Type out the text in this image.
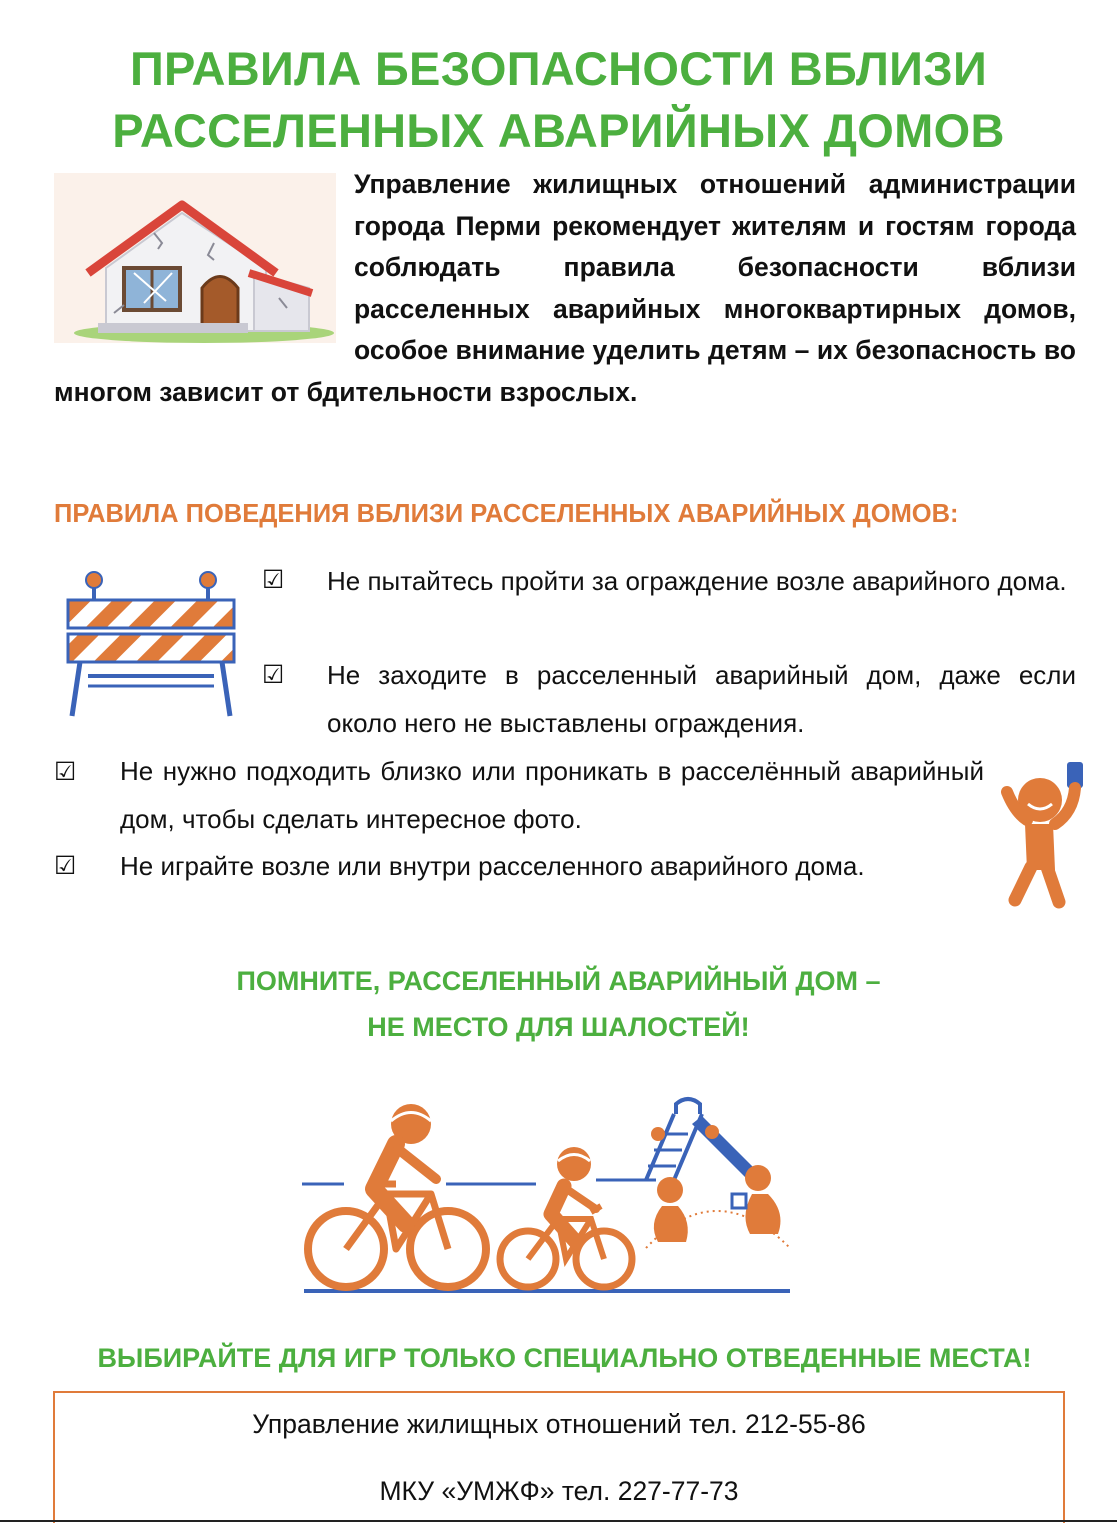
ПРАВИЛА БЕЗОПАСНОСТИ ВБЛИЗИ
РАССЕЛЕННЫХ АВАРИЙНЫХ ДОМОВ
Управление жилищных отношений администрации города Перми рекомендует жителям и гостям города соблюдать правила безопасности вблизи расселенных аварийных многоквартирных домов, особое внимание уделить детям – их безопасность во многом зависит от бдительности взрослых.
ПРАВИЛА ПОВЕДЕНИЯ ВБЛИЗИ РАССЕЛЕННЫХ АВАРИЙНЫХ ДОМОВ:
☑ Не пытайтесь пройти за ограждение возле аварийного дома.
☑ Не заходите в расселенный аварийный дом, даже если около него не выставлены ограждения.
☑ Не нужно подходить близко или проникать в расселённый аварийный дом, чтобы сделать интересное фото.
☑ Не играйте возле или внутри расселенного аварийного дома.
ПОМНИТЕ, РАССЕЛЕННЫЙ АВАРИЙНЫЙ ДОМ –
НЕ МЕСТО ДЛЯ ШАЛОСТЕЙ!
ВЫБИРАЙТЕ ДЛЯ ИГР ТОЛЬКО СПЕЦИАЛЬНО ОТВЕДЕННЫЕ МЕСТА!
Управление жилищных отношений тел. 212-55-86
МКУ «УМЖФ» тел. 227-77-73
